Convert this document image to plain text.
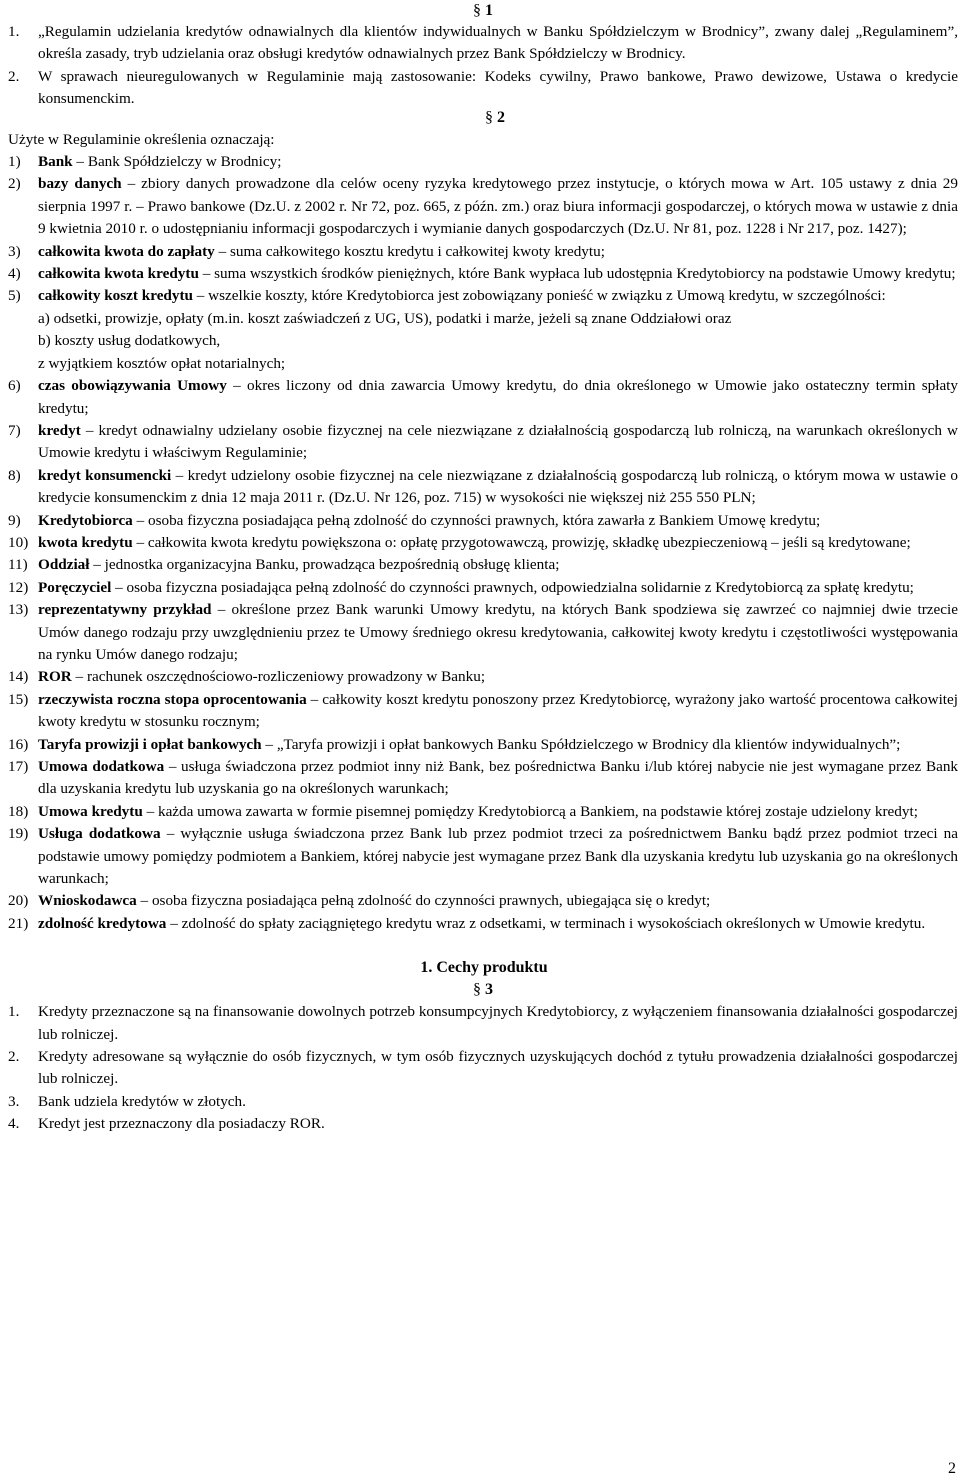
§ 1
1.	„Regulamin udzielania kredytów odnawialnych dla klientów indywidualnych w Banku Spółdzielczym w Brodnicy”, zwany dalej „Regulaminem”, określa zasady, tryb udzielania oraz obsługi kredytów odnawialnych przez Bank Spółdzielczy w Brodnicy.
2.	W sprawach nieuregulowanych w Regulaminie mają zastosowanie: Kodeks cywilny, Prawo bankowe, Prawo dewizowe, Ustawa o kredycie konsumenckim.
§ 2
Użyte w Regulaminie określenia oznaczają:
1)	Bank – Bank Spółdzielczy w Brodnicy;
2)	bazy danych – zbiory danych prowadzone dla celów oceny ryzyka kredytowego przez instytucje, o których mowa w Art. 105 ustawy z dnia 29 sierpnia 1997 r. – Prawo bankowe (Dz.U. z 2002 r. Nr 72, poz. 665, z późn. zm.) oraz biura informacji gospodarczej, o których mowa w ustawie z dnia 9 kwietnia 2010 r. o udostępnianiu informacji gospodarczych i wymianie danych gospodarczych (Dz.U. Nr 81, poz. 1228 i Nr 217, poz. 1427);
3)	całkowita kwota do zapłaty – suma całkowitego kosztu kredytu i całkowitej kwoty kredytu;
4)	całkowita kwota kredytu – suma wszystkich środków pieniężnych, które Bank wypłaca lub udostępnia Kredytobiorcy na podstawie Umowy kredytu;
5)	całkowity koszt kredytu – wszelkie koszty, które Kredytobiorca jest zobowiązany ponieść w związku z Umową kredytu, w szczególności:
a) odsetki, prowizje, opłaty (m.in. koszt zaświadczeń z UG, US), podatki i marże, jeżeli są znane Oddziałowi oraz
b) koszty usług dodatkowych,
z wyjątkiem kosztów opłat notarialnych;
6)	czas obowiązywania Umowy – okres liczony od dnia zawarcia Umowy kredytu, do dnia określonego w Umowie jako ostateczny termin spłaty kredytu;
7)	kredyt – kredyt odnawialny udzielany osobie fizycznej na cele niezwiązane z działalnością gospodarczą lub rolniczą, na warunkach określonych w Umowie kredytu i właściwym Regulaminie;
8)	kredyt konsumencki – kredyt udzielony osobie fizycznej na cele niezwiązane z działalnością gospodarczą lub rolniczą, o którym mowa w ustawie o kredycie konsumenckim z dnia 12 maja 2011 r. (Dz.U. Nr 126, poz. 715) w wysokości nie większej niż 255 550 PLN;
9)	Kredytobiorca – osoba fizyczna posiadająca pełną zdolność do czynności prawnych, która zawarła z Bankiem Umowę kredytu;
10) kwota kredytu – całkowita kwota kredytu powiększona o: opłatę przygotowawczą, prowizję, składkę ubezpieczeniową – jeśli są kredytowane;
11) Oddział – jednostka organizacyjna Banku, prowadząca bezpośrednią obsługę klienta;
12) Poręczyciel – osoba fizyczna posiadająca pełną zdolność do czynności prawnych, odpowiedzialna solidarnie z Kredytobiorcą za spłatę kredytu;
13) reprezentatywny przykład – określone przez Bank warunki Umowy kredytu, na których Bank spodziewa się zawrzeć co najmniej dwie trzecie Umów danego rodzaju przy uwzględnieniu przez te Umowy średniego okresu kredytowania, całkowitej kwoty kredytu i częstotliwości występowania na rynku Umów danego rodzaju;
14) ROR – rachunek oszczędnościowo-rozliczeniowy prowadzony w Banku;
15) rzeczywista roczna stopa oprocentowania – całkowity koszt kredytu ponoszony przez Kredytobiorcę, wyrażony jako wartość procentowa całkowitej kwoty kredytu w stosunku rocznym;
16) Taryfa prowizji i opłat bankowych – „Taryfa prowizji i opłat bankowych Banku Spółdzielczego w Brodnicy dla klientów indywidualnych”;
17) Umowa dodatkowa – usługa świadczona przez podmiot inny niż Bank, bez pośrednictwa Banku i/lub której nabycie nie jest wymagane przez Bank dla uzyskania kredytu lub uzyskania go na określonych warunkach;
18) Umowa kredytu – każda umowa zawarta w formie pisemnej pomiędzy Kredytobiorcą a Bankiem, na podstawie której zostaje udzielony kredyt;
19) Usługa dodatkowa – wyłącznie usługa świadczona przez Bank lub przez podmiot trzeci za pośrednictwem Banku bądź przez podmiot trzeci na podstawie umowy pomiędzy podmiotem a Bankiem, której nabycie jest wymagane przez Bank dla uzyskania kredytu lub uzyskania go na określonych warunkach;
20) Wnioskodawca – osoba fizyczna posiadająca pełną zdolność do czynności prawnych, ubiegająca się o kredyt;
21) zdolność kredytowa – zdolność do spłaty zaciągniętego kredytu wraz z odsetkami, w terminach i wysokościach określonych w Umowie kredytu.
1. Cechy produktu
§ 3
1.	Kredyty przeznaczone są na finansowanie dowolnych potrzeb konsumpcyjnych Kredytobiorcy, z wyłączeniem finansowania działalności gospodarczej lub rolniczej.
2.	Kredyty adresowane są wyłącznie do osób fizycznych, w tym osób fizycznych uzyskujących dochód z tytułu prowadzenia działalności gospodarczej lub rolniczej.
3.	Bank udziela kredytów w złotych.
4.	Kredyt jest przeznaczony dla posiadaczy ROR.
2
